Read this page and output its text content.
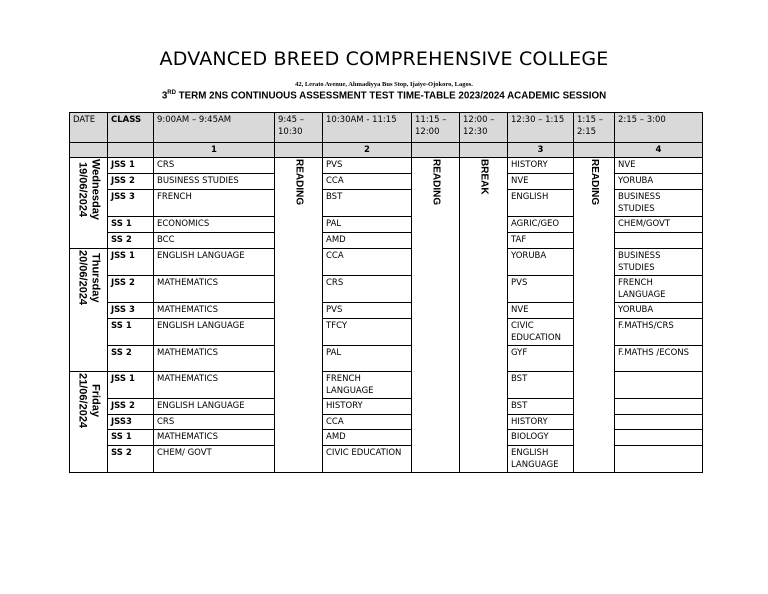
ADVANCED BREED COMPREHENSIVE COLLEGE
42, Lerato Avenue, Ahmadiyya Bus Stop, Ijaiye-Ojokoro, Lagos.
3RD TERM 2NS CONTINUOUS ASSESSMENT TEST TIME-TABLE 2023/2024 ACADEMIC SESSION
DATE	CLASS	9:00AM – 9:45AM	9:45 – 10:30	10:30AM - 11:15	11:15 – 12:00	12:00 – 12:30	12:30 – 1:15	1:15 – 2:15	2:15 – 3:00
		1		2			3		4

Wednesday
19/06/2024	JSS 1	CRS	READING	PVS	READING	BREAK	HISTORY	READING	NVE
	JSS 2	BUSINESS STUDIES		CCA			NVE		YORUBA
	JSS 3	FRENCH		BST			ENGLISH		BUSINESS STUDIES
	SS 1	ECONOMICS		PAL			AGRIC/GEO		CHEM/GOVT
	SS 2	BCC		AMD			TAF		

Thursday
20/06/2024	JSS 1	ENGLISH LANGUAGE		CCA			YORUBA		BUSINESS STUDIES
	JSS 2	MATHEMATICS		CRS			PVS		FRENCH LANGUAGE
	JSS 3	MATHEMATICS		PVS			NVE		YORUBA
	SS 1	ENGLISH LANGUAGE		TFCY			CIVIC EDUCATION		F.MATHS/CRS
	SS 2	MATHEMATICS		PAL			GYF		F.MATHS /ECONS

Friday
21/06/2024	JSS 1	MATHEMATICS		FRENCH LANGUAGE			BST		
	JSS 2	ENGLISH LANGUAGE		HISTORY			BST		
	JSS3	CRS		CCA			HISTORY		
	SS 1	MATHEMATICS		AMD			BIOLOGY		
	SS 2	CHEM/ GOVT		CIVIC EDUCATION			ENGLISH LANGUAGE		
